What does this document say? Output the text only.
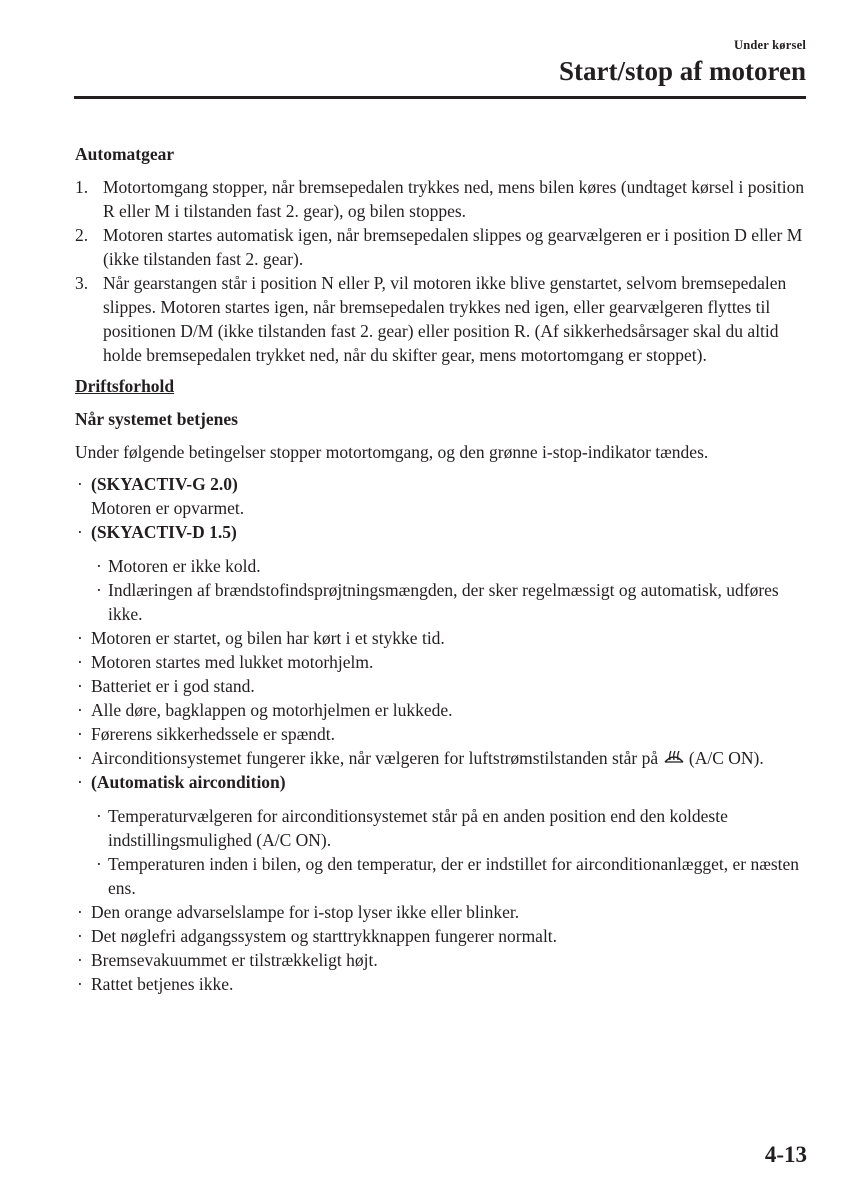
Under kørsel
Start/stop af motoren
Automatgear
1. Motortomgang stopper, når bremsepedalen trykkes ned, mens bilen køres (undtaget kørsel i position R eller M i tilstanden fast 2. gear), og bilen stoppes.
2. Motoren startes automatisk igen, når bremsepedalen slippes og gearvælgeren er i position D eller M (ikke tilstanden fast 2. gear).
3. Når gearstangen står i position N eller P, vil motoren ikke blive genstartet, selvom bremsepedalen slippes. Motoren startes igen, når bremsepedalen trykkes ned igen, eller gearvælgeren flyttes til positionen D/M (ikke tilstanden fast 2. gear) eller position R. (Af sikkerhedsårsager skal du altid holde bremsepedalen trykket ned, når du skifter gear, mens motortomgang er stoppet).
Driftsforhold
Når systemet betjenes
Under følgende betingelser stopper motortomgang, og den grønne i-stop-indikator tændes.
· (SKYACTIV-G 2.0)
Motoren er opvarmet.
· (SKYACTIV-D 1.5)
· Motoren er ikke kold.
· Indlæringen af brændstofindsprøjtningsmængden, der sker regelmæssigt og automatisk, udføres ikke.
· Motoren er startet, og bilen har kørt i et stykke tid.
· Motoren startes med lukket motorhjelm.
· Batteriet er i god stand.
· Alle døre, bagklappen og motorhjelmen er lukkede.
· Førerens sikkerhedssele er spændt.
· Airconditionsystemet fungerer ikke, når vælgeren for luftstrømstilstanden står på (A/C ON).
· (Automatisk aircondition)
· Temperaturvælgeren for airconditionsystemet står på en anden position end den koldeste indstillingsmulighed (A/C ON).
· Temperaturen inden i bilen, og den temperatur, der er indstillet for airconditionanlægget, er næsten ens.
· Den orange advarselslampe for i-stop lyser ikke eller blinker.
· Det nøglefri adgangssystem og starttrykknappen fungerer normalt.
· Bremsevakuummet er tilstrækkeligt højt.
· Rattet betjenes ikke.
4-13
